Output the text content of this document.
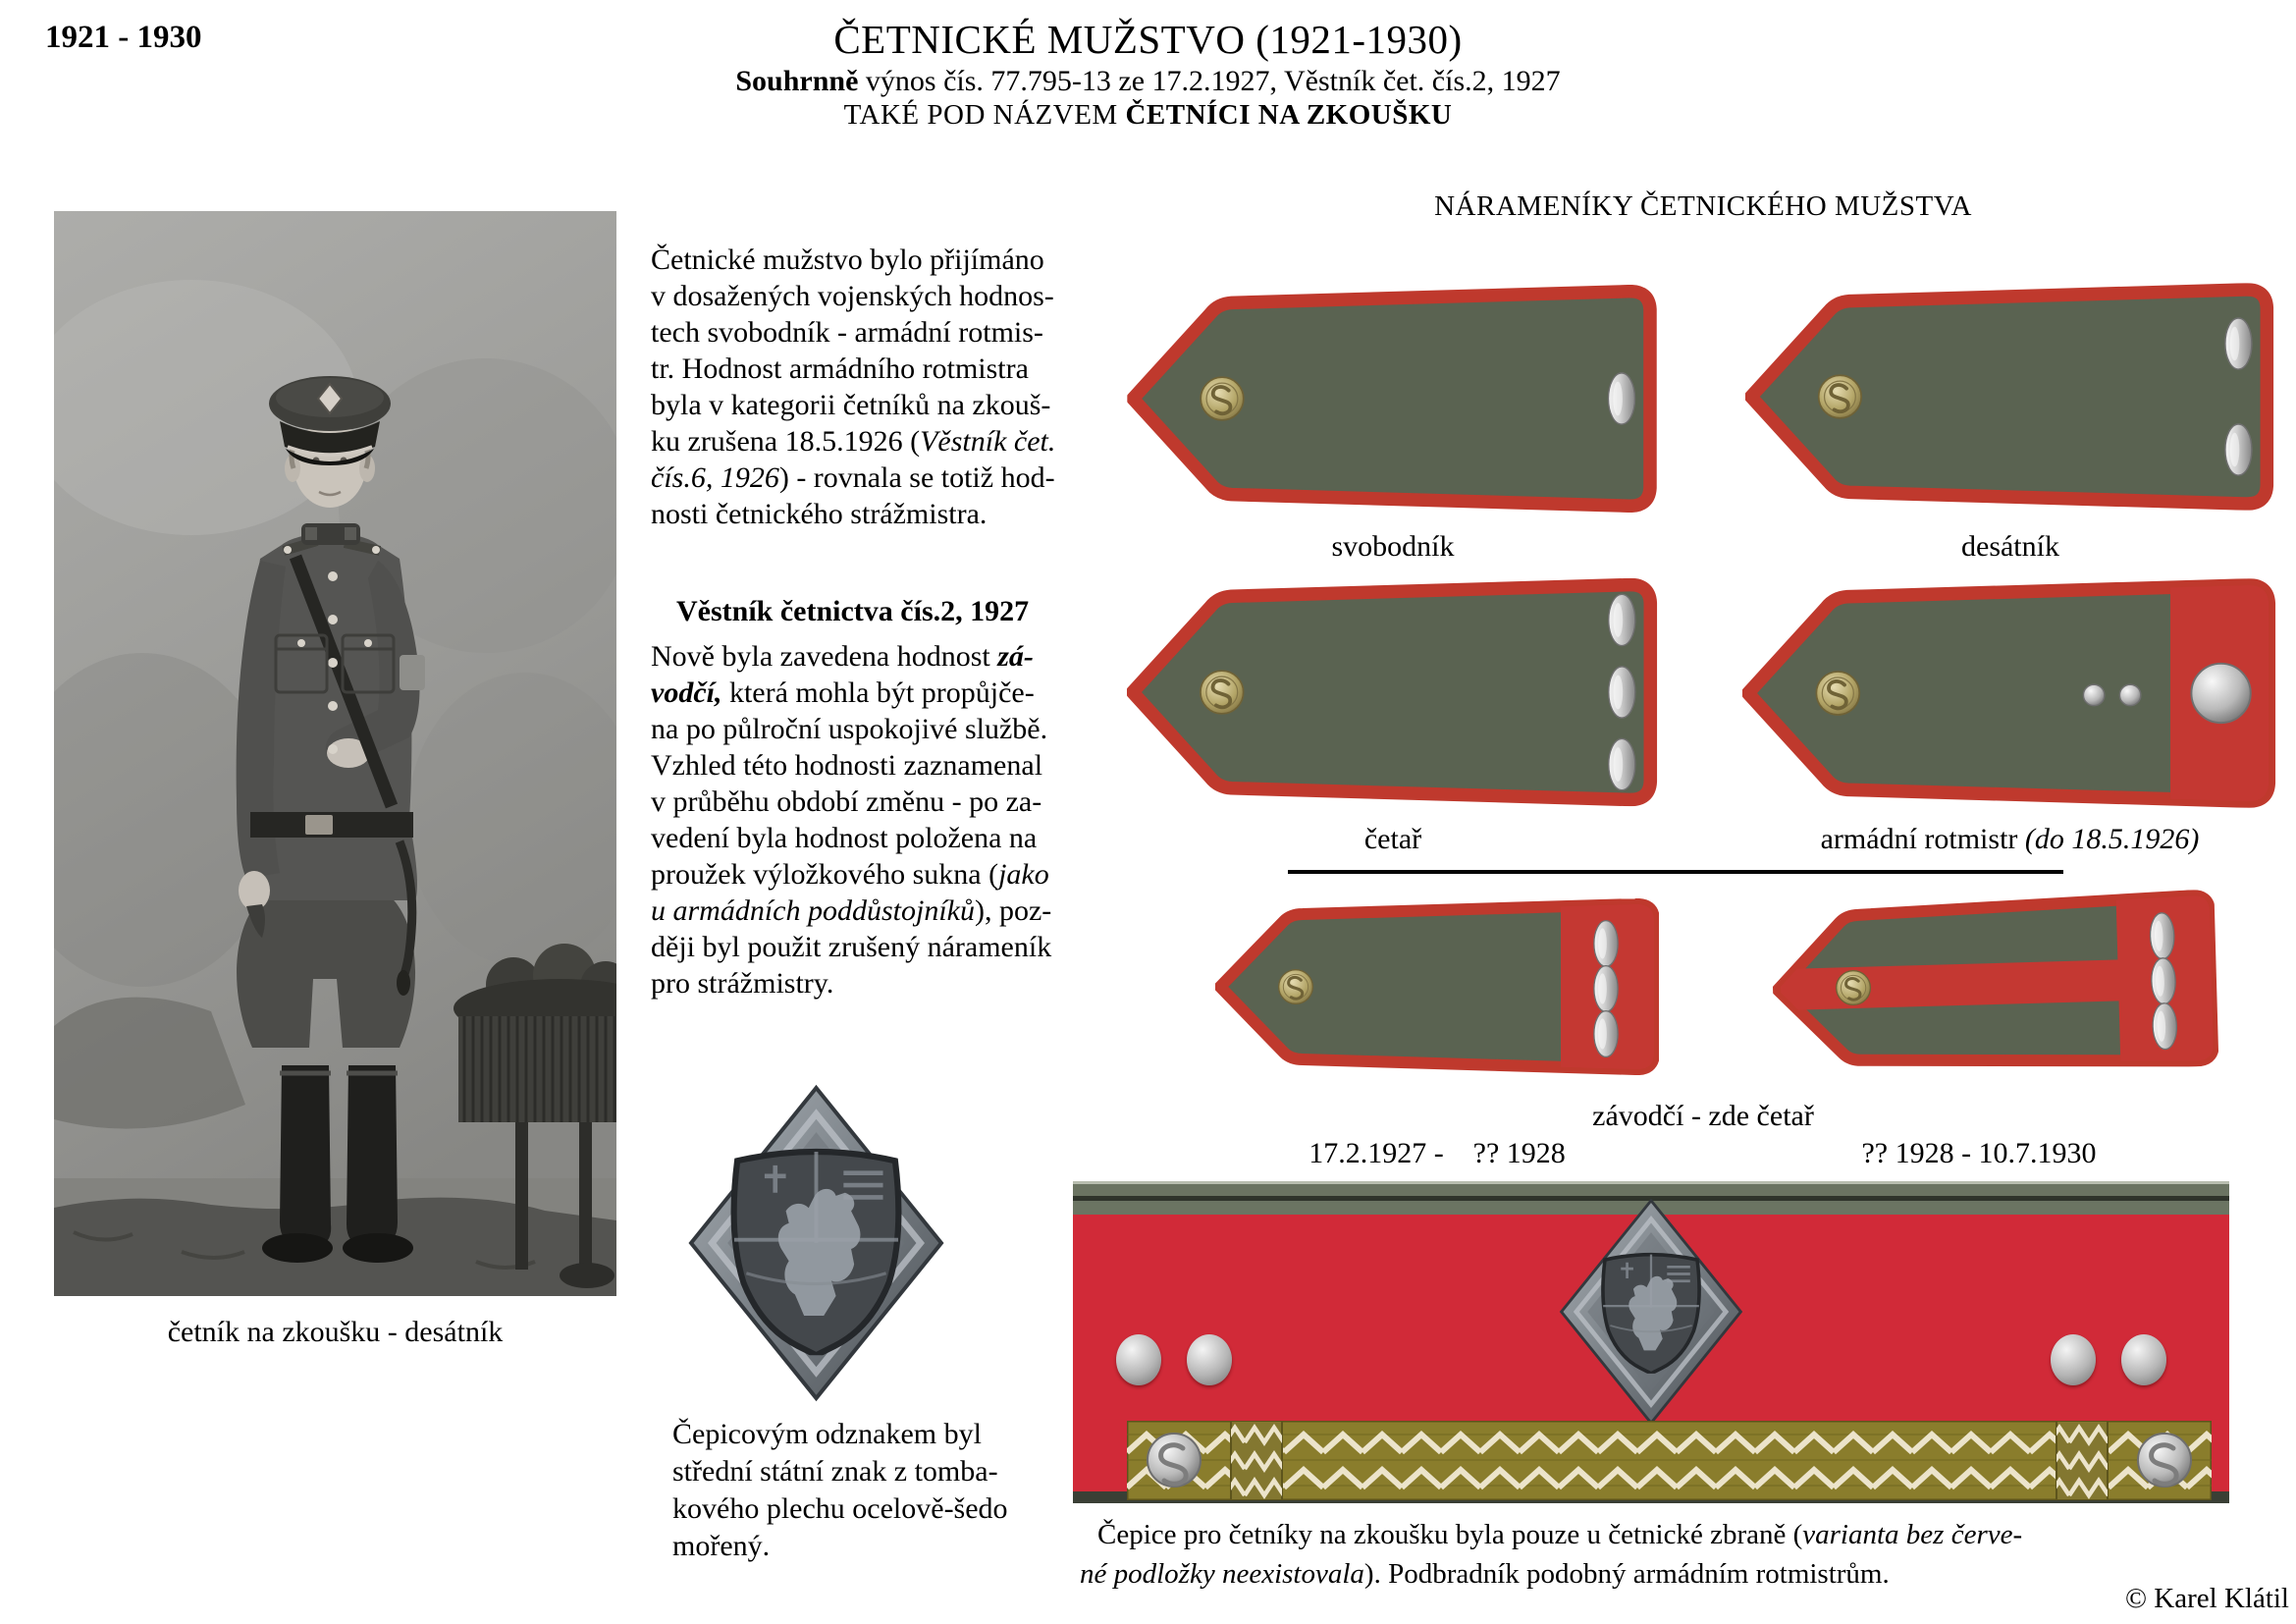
1921 - 1930	ČETNICKÉ MUŽSTVO (1921-1930)
Souhrnně výnos čís. 77.795-13 ze 17.2.1927, Věstník čet. čís.2, 1927
TAKÉ POD NÁZVEM ČETNÍCI NA ZKOUŠKU
NÁRAMENÍKY ČETNICKÉHO MUŽSTVA
četník na zkoušku - desátník
Četnické mužstvo bylo přijímáno
v dosažených vojenských hodnos-
tech svobodník - armádní rotmis-
tr. Hodnost armádního rotmistra
byla v kategorii četníků na zkouš-
ku zrušena 18.5.1926 (Věstník čet.
čís.6, 1926) - rovnala se totiž hod-
nosti četnického strážmistra.
Věstník četnictva čís.2, 1927
Nově byla zavedena hodnost zá-
vodčí, která mohla být propůjče-
na po půlroční uspokojivé službě.
Vzhled této hodnosti zaznamenal
v průběhu období změnu - po za-
vedení byla hodnost položena na
proužek výložkového sukna (jako
u armádních poddůstojníků), poz-
ději byl použit zrušený nárameník
pro strážmistry.
svobodník	desátník
četař	armádní rotmistr (do 18.5.1926)
závodčí - zde četař
17.2.1927 -    ?? 1928	?? 1928 - 10.7.1930
Čepicovým odznakem byl
střední státní znak z tomba-
kového plechu ocelově-šedo
mořený.	Čepice pro četníky na zkoušku byla pouze u četnické zbraně (varianta bez červe-
né podložky neexistovala). Podbradník podobný armádním rotmistrům.
© Karel Klátil
